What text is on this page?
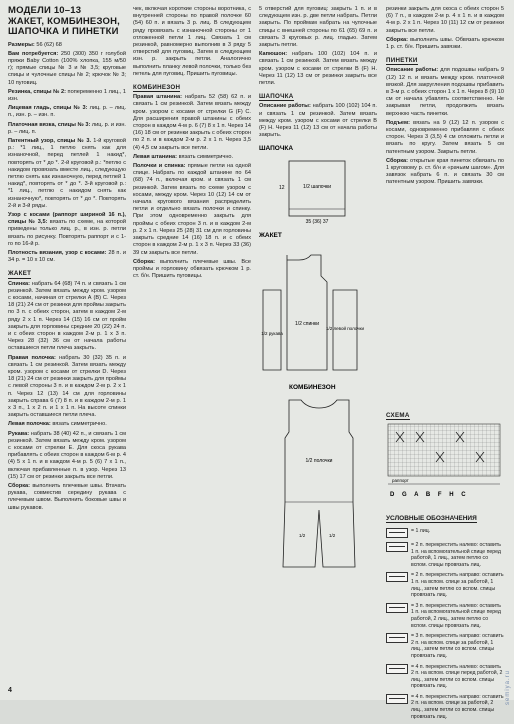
МОДЕЛИ 10–13
ЖАКЕТ, КОМБИНЕЗОН, ШАПОЧКА И ПИНЕТКИ
Размеры: 56 (62) 68
Вам потребуется: 250 (300) 350 г голубой пряжи Baby Cotton (100% хлопка, 155 м/50 г); прямые спицы № 3 и № 3,5; круговые спицы и чулочные спицы № 2; крючок № 3; 10 пуговиц.
Резинка, спицы № 2: попеременно 1 лиц., 1 изн.
Лицевая гладь, спицы № 3: лиц. р. – лиц. п., изн. р. – изн. п.
Платочная вязка, спицы № 3: лиц. р. и изн. р. – лиц. п.
Патентный узор, спицы № 3. 1-й круговой р.: *1 лиц., 1 петлю снять как для изнаночной, перед петлей 1 накид*, повторять от * до *. 2-й круговой р.: *петлю с накидом провязать вместе лиц., следующую петлю снять как изнаночную, перед петлей 1 накид*, повторять от * до *. 3-й круговой р.: *1 лиц., петлю с накидом снять как изнаночную*, повторять от * до *. Повторять 2-й и 3-й ряды.
Узор с косами (раппорт шириной 16 п.), спицы № 3,5: вязать по схеме, на которой приведены только лиц. р., в изн. р. петли вязать по рисунку. Повторять раппорт и с 1-го по 16-й р.
Плотность вязания, узор с косами: 28 п. и 34 р. = 10 х 10 см.
ЖАКЕТ
Спинка: набрать 64 (68) 74 п. и связать 1 см резинкой. Затем вязать между кром. узором с косами, начиная от стрелки А (В) С. Через 18 (21) 24 см от резинки для проймы закрыть по 3 п. с обеих сторон, затем в каждом 2-м ряду 2 х 1 п. Через 14 (15) 16 см от пройм закрыть для горловины средние 20 (22) 24 п. и с обеих сторон в каждом 2-м р. 1 х 3 п. Через 28 (32) 36 см от начала работы оставшиеся петли плеча закрыть.
Правая полочка: набрать 30 (32) 35 п. и связать 1 см резинкой. Затем вязать между кром. узором с косами от стрелки D. Через 18 (21) 24 см от резинки закрыть для проймы с левой стороны 3 п. и в каждом 2-м р. 2 х 1 п. Через 12 (13) 14 см для горловины закрыть справа 6 (7) 8 п. и в каждом 2-м р. 1 х 3 п., 1 х 2 п. и 1 х 1 п. На высоте спинки закрыть оставшиеся петли плеча.
Левая полочка: вязать симметрично.
Рукава: набрать 38 (40) 42 п., и связать 1 см резинкой. Затем вязать между кром. узором с косами от стрелки Е. Для скоса рукава прибавлять с обеих сторон в каждом 6-м р. 4 (4) 5 х 1 п. и в каждом 4-м р. 5 (6) 7 х 1 п., включая прибавленные п. в узор. Через 13 (15) 17 см от резинки закрыть все петли.
Сборка: выполнить плечевые швы. Втачать рукава, совместив середину рукава с плечевым швом. Выполнить боковые швы и швы рукавов.
чек, включая короткие стороны воротника, с внутренней стороны по правой полочке 60 (54) 60 п. и вязать 3 р. лиц. В следующем ряду провязать с изнаночной стороны от 1 отложенной петли 1 лиц. Связать 1 см резинкой, равномерно выполнив в 3 ряду 5 отверстий для пуговиц. Затем в следующем изн. р. закрыть петли. Аналогично выполнить планку левой полочки, только без петель для пуговиц. Пришить пуговицы.
КОМБИНЕЗОН
Правая штанина: набрать 52 (58) 62 п. и связать 1 см резинкой. Затем вязать между кром. узором с косами от стрелки G (F) C. Для расширения правой штанины с обеих сторон в каждом 4-м р. 6 (7) 8 х 1 п. Через 14 (16) 18 см от резинки закрыть с обеих сторон по 2 п. и в каждом 2-м р. 2 х 1 п. Через 3,5 (4) 4,5 см закрыть все петли.
Левая штанина: вязать симметрично.
Полочки и спинка: прямые петли на одной спице. Набрать по каждой штанине по 64 (68) 74 п., включая кром. и связать 1 см резинкой. Затем вязать по схеме узором с косами, между кром. Через 10 (12) 14 см от начала кругового вязания распределить петли и отдельно вязать полочки и спинку. При этом одновременно закрыть для проймы с обеих сторон 3 п. и в каждом 2-м р. 2 х 1 п. Через 25 (28) 31 см для горловины закрыть средние 14 (16) 18 п. и с обеих сторон в каждом 2-м р. 1 х 3 п. Через 33 (36) 39 см закрыть все петли.
Сборка: выполнить плечевые швы. Все проймы и горловину обвязать крючком 1 р. ст. б/н. Пришить пуговицы.
5 отверстий для пуговиц: закрыть 1 п. и в следующем изн. р. две петли набрать. Петли закрыть. По проймам набрать на чулочные спицы с внешней стороны по 61 (65) 69 п. и связать 3 круговых р. лиц. гладью. Затем закрыть петли.
Капюшон: набрать 100 (102) 104 п. и связать 1 см резинкой. Затем вязать между кром. узором с косами от стрелки В (F) Н. Через 11 (12) 13 см от резинки закрыть все петли.
ШАПОЧКА
Описание работы: набрать 100 (102) 104 п. и связать 1 см резинкой. Затем вязать между кром. узором с косами от стрелки В (F) Н. Через 11 (12) 13 см от начала работы закрыть.
ШАПОЧКА
1/2 шапочки
35 (36) 37
12
ЖАКЕТ
1/2 спинки
1/2 левой полочки
1/2 рукава
КОМБИНЕЗОН
1/2 полочки
1/2	1/2
резинки закрыть для скоса с обеих сторон 5 (6) 7 п., в каждом 2-м р. 4 х 1 п. и в каждом 4-м р. 2 х 1 п. Через 10 (11) 12 см от резинки закрыть все петли.
Сборка: выполнить швы. Обвязать крючком 1 р. ст. б/н. Пришить завязки.
ПИНЕТКИ
Описание работы: для подошвы набрать 9 (12) 12 п. и вязать между кром. платочной вязкой. Для закругления подошвы прибавить в 3-м р. с обеих сторон 1 х 1 п. Через 8 (9) 10 см от начала убавлять соответственно. Не закрывая петли, продолжить вязать верхнюю часть пинетки.
Подъем: вязать на 9 (12) 12 п. узором с косами, одновременно прибавляя с обеих сторон. Через 3 (3,5) 4 см отложить петли и вязать по кругу. Затем вязать 5 см патентным узором. Закрыть петли.
Сборка: открытые края пинеток обвязать по 1 круговому р. ст. б/н и «рачьим шагом». Для завязок набрать 6 п. и связать 30 см патентным узором. Пришить завязки.
СХЕМА
раппорт
D G A B F H C
УСЛОВНЫЕ ОБОЗНАЧЕНИЯ
= 1 лиц.
= 2 п. перекрестить налево: оставить 1 п. на вспомогательной спице перед работой, 1 лиц., затем петлю со вспом. спицы провязать лиц.
= 2 п. перекрестить направо: оставить 1 п. на вспом. спице за работой, 1 лиц., затем петлю со вспом. спицы провязать лиц.
= 3 п. перекрестить налево: оставить 1 п. на вспомогательной спице перед работой, 2 лиц., затем петлю со вспом. спицы провязать лиц.
= 3 п. перекрестить направо: оставить 2 п. на вспом. спице за работой, 1 лиц., затем петли со вспом. спицы провязать лиц.
= 4 п. перекрестить налево: оставить 2 п. на вспом. спице перед работой, 2 лиц., затем петли со вспом. спицы провязать лиц.
= 4 п. перекрестить направо: оставить 2 п. на вспом. спице за работой, 2 лиц., затем петли со вспом. спицы провязать лиц.
4	semiya.ru
